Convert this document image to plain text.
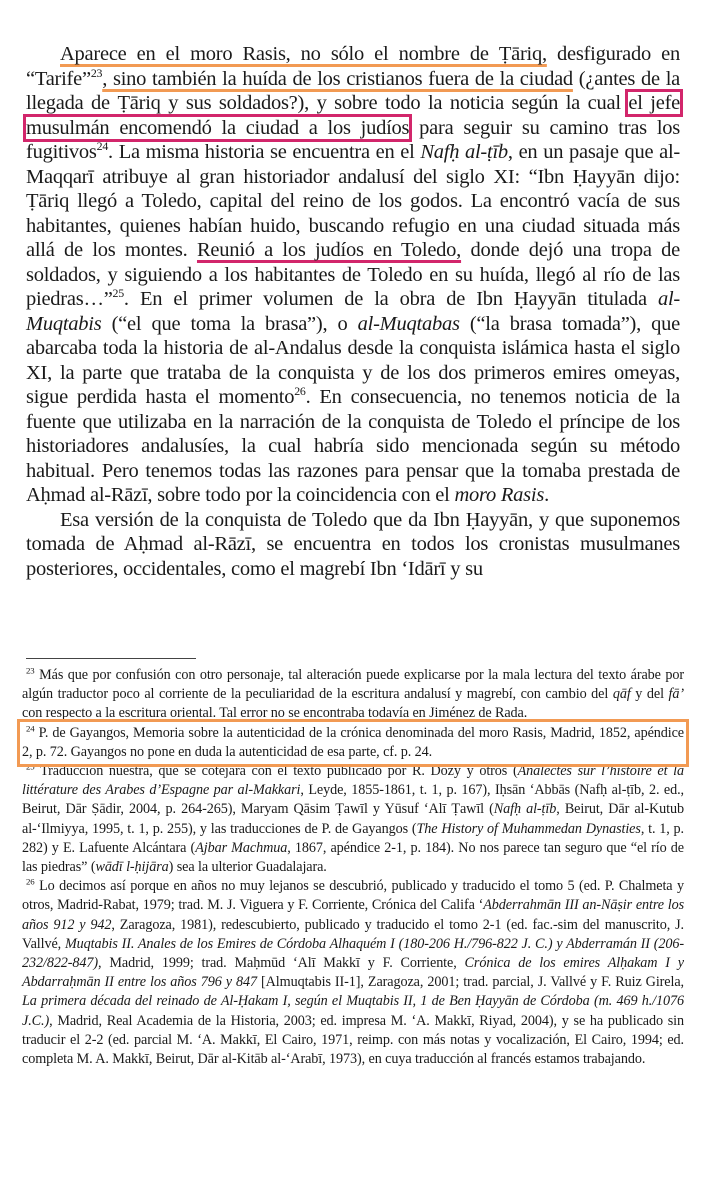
Aparece en el moro Rasis, no sólo el nombre de Ṭāriq, desfigurado en “Tarife”$^{23}$, sino también la huída de los cristianos fuera de la ciudad (¿antes de la llegada de Ṭāriq y sus soldados?), y sobre todo la noticia según la cual el jefe musulmán encomendó la ciudad a los judíos para seguir su camino tras los fugitivos$^{24}$. La misma historia se encuentra en el Nafḥ al-ṭīb, en un pasaje que al-Maqqarī atribuye al gran historiador andalusí del siglo XI: “Ibn Ḥayyān dijo: Ṭāriq llegó a Toledo, capital del reino de los godos. La encontró vacía de sus habitantes, quienes habían huido, buscando refugio en una ciudad situada más allá de los montes. Reunió a los judíos en Toledo, donde dejó una tropa de soldados, y siguiendo a los habitantes de Toledo en su huída, llegó al río de las piedras…”$^{25}$. En el primer volumen de la obra de Ibn Ḥayyān titulada al-Muqtabis (“el que toma la brasa”), o al-Muqtabas (“la brasa tomada”), que abarcaba toda la historia de al-Andalus desde la conquista islámica hasta el siglo XI, la parte que trataba de la conquista y de los dos primeros emires omeyas, sigue perdida hasta el momento$^{26}$. En consecuencia, no tenemos noticia de la fuente que utilizaba en la narración de la conquista de Toledo el príncipe de los historiadores andalusíes, la cual habría sido mencionada según su método habitual. Pero tenemos todas las razones para pensar que la tomaba prestada de Aḥmad al-Rāzī, sobre todo por la coincidencia con el moro Rasis.

Esa versión de la conquista de Toledo que da Ibn Ḥayyān, y que suponemos tomada de Aḥmad al-Rāzī, se encuentra en todos los cronistas musulmanes posteriores, occidentales, como el magrebí Ibn ‘Idārī y su

$^{23}$ Más que por confusión con otro personaje, tal alteración puede explicarse por la mala lectura del texto árabe por algún traductor poco al corriente de la peculiaridad de la escritura andalusí y magrebí, con cambio del qāf y del fā’ con respecto a la escritura oriental. Tal error no se encontraba todavía en Jiménez de Rada.

$^{24}$ P. de Gayangos, Memoria sobre la autenticidad de la crónica denominada del moro Rasis, Madrid, 1852, apéndice 2, p. 72. Gayangos no pone en duda la autenticidad de esa parte, cf. p. 24.

$^{25}$ Traducción nuestra, que se cotejará con el texto publicado por R. Dozy y otros (Analectes sur l’histoire et la littérature des Arabes d’Espagne par al-Makkari, Leyde, 1855-1861, t. 1, p. 167), Iḥsān ‘Abbās (Nafḥ al-ṭīb, 2. ed., Beirut, Dār Ṣādir, 2004, p. 264-265), Maryam Qāsim Ṭawīl y Yūsuf ‘Alī Ṭawīl (Nafḥ al-ṭīb, Beirut, Dār al-Kutub al-‘Ilmiyya, 1995, t. 1, p. 255), y las traducciones de P. de Gayangos (The History of Muhammedan Dynasties, t. 1, p. 282) y E. Lafuente Alcántara (Ajbar Machmua, 1867, apéndice 2-1, p. 184). No nos parece tan seguro que “el río de las piedras” (wādī l-ḥijāra) sea la ulterior Guadalajara.

$^{26}$ Lo decimos así porque en años no muy lejanos se descubrió, publicado y traducido el tomo 5 (ed. P. Chalmeta y otros, Madrid-Rabat, 1979; trad. M. J. Viguera y F. Corriente, Crónica del Califa ‘Abderrahmān III an-Nāṣir entre los años 912 y 942, Zaragoza, 1981), redescubierto, publicado y traducido el tomo 2-1 (ed. fac.-sim del manuscrito, J. Vallvé, Muqtabis II. Anales de los Emires de Córdoba Alhaquém I (180-206 H./796-822 J. C.) y Abderramán II (206-232/822-847), Madrid, 1999; trad. Maḥmūd ‘Alī Makkī y F. Corriente, Crónica de los emires Alḥakam I y Abdarraḥmān II entre los años 796 y 847 [Almuqtabis II-1], Zaragoza, 2001; trad. parcial, J. Vallvé y F. Ruiz Girela, La primera década del reinado de Al-Ḥakam I, según el Muqtabis II, 1 de Ben Ḥayyān de Córdoba (m. 469 h./1076 J.C.), Madrid, Real Academia de la Historia, 2003; ed. impresa M. ‘A. Makkī, Riyad, 2004), y se ha publicado sin traducir el 2-2 (ed. parcial M. ‘A. Makkī, El Cairo, 1971, reimp. con más notas y vocalización, El Cairo, 1994; ed. completa M. A. Makkī, Beirut, Dār al-Kitāb al-‘Arabī, 1973), en cuya traducción al francés estamos trabajando.
